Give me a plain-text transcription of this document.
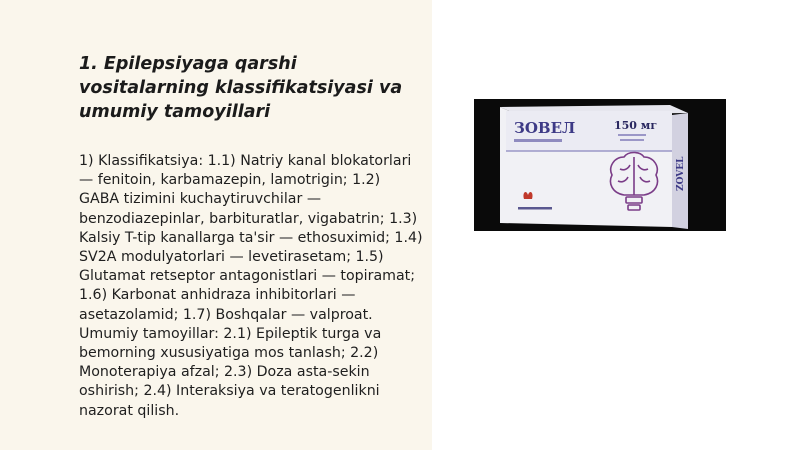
1. Epilepsiyaga qarshi vositalarning klassifikatsiyasi va umumiy tamoyillari

1) Klassifikatsiya: 1.1) Natriy kanal blokatorlari — fenitoin, karbamazepin, lamotrigin; 1.2) GABA tizimini kuchaytiruvchilar — benzodiazepinlar, barbituratlar, vigabatrin; 1.3) Kalsiy T-tip kanallarga ta'sir — ethosuximid; 1.4) SV2A modulyatorlari — levetirasetam; 1.5) Glutamat retseptor antagonistlari — topiramat; 1.6) Karbonat anhidraza inhibitorlari — asetazolamid; 1.7) Boshqalar — valproat. Umumiy tamoyillar: 2.1) Epileptik turga va bemorning xususiyatiga mos tanlash; 2.2) Monoterapiya afzal; 2.3) Doza asta-sekin oshirish; 2.4) Interaksiya va teratogenlikni nazorat qilish.

ЗОВЕЛ	150 мг
ZOVEL
